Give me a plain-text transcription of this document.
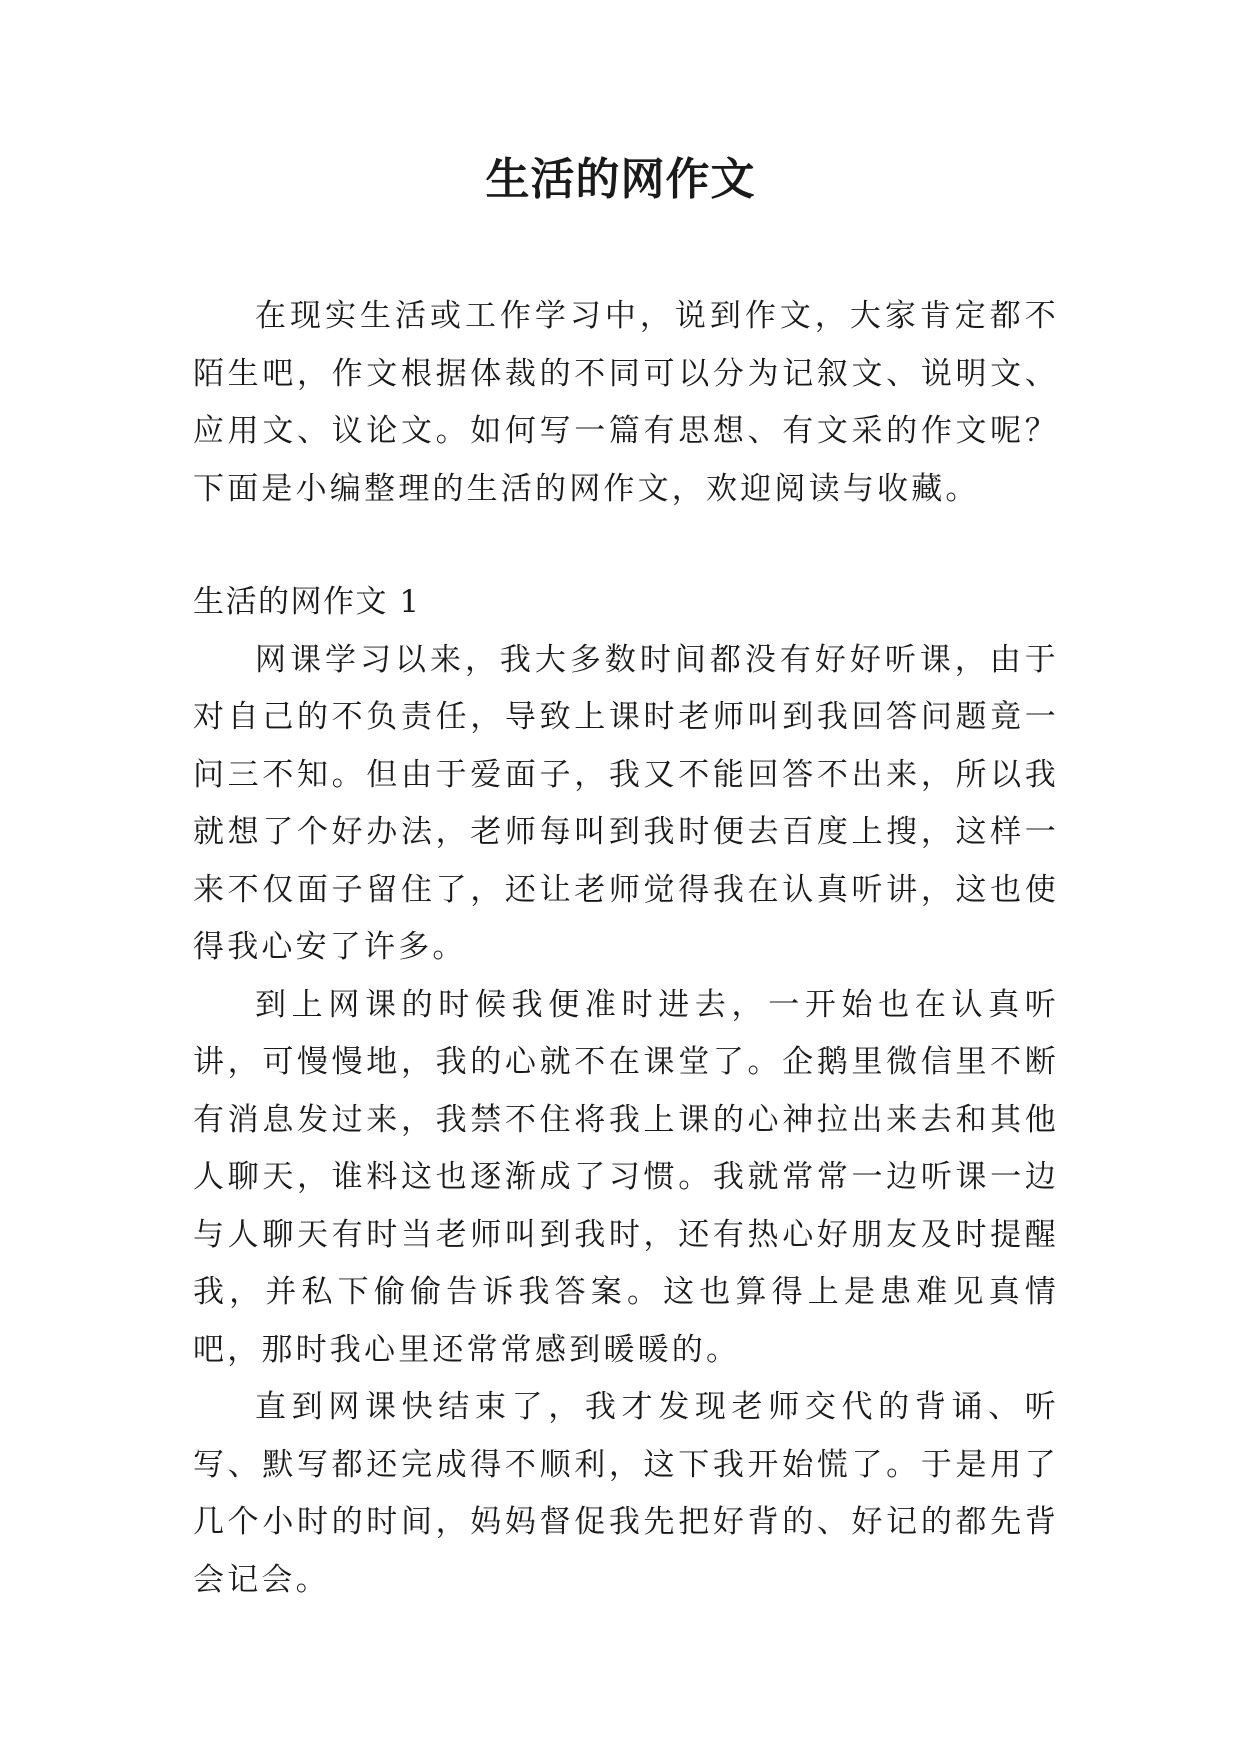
生活的网作文

在现实生活或工作学习中，说到作文，大家肯定都不陌生吧，作文根据体裁的不同可以分为记叙文、说明文、应用文、议论文。如何写一篇有思想、有文采的作文呢？下面是小编整理的生活的网作文，欢迎阅读与收藏。

生活的网作文 1

网课学习以来，我大多数时间都没有好好听课，由于对自己的不负责任，导致上课时老师叫到我回答问题竟一问三不知。但由于爱面子，我又不能回答不出来，所以我就想了个好办法，老师每叫到我时便去百度上搜，这样一来不仅面子留住了，还让老师觉得我在认真听讲，这也使得我心安了许多。

到上网课的时候我便准时进去，一开始也在认真听讲，可慢慢地，我的心就不在课堂了。企鹅里微信里不断有消息发过来，我禁不住将我上课的心神拉出来去和其他人聊天，谁料这也逐渐成了习惯。我就常常一边听课一边与人聊天有时当老师叫到我时，还有热心好朋友及时提醒我，并私下偷偷告诉我答案。这也算得上是患难见真情吧，那时我心里还常常感到暖暖的。

直到网课快结束了，我才发现老师交代的背诵、听写、默写都还完成得不顺利，这下我开始慌了。于是用了几个小时的时间，妈妈督促我先把好背的、好记的都先背会记会。
